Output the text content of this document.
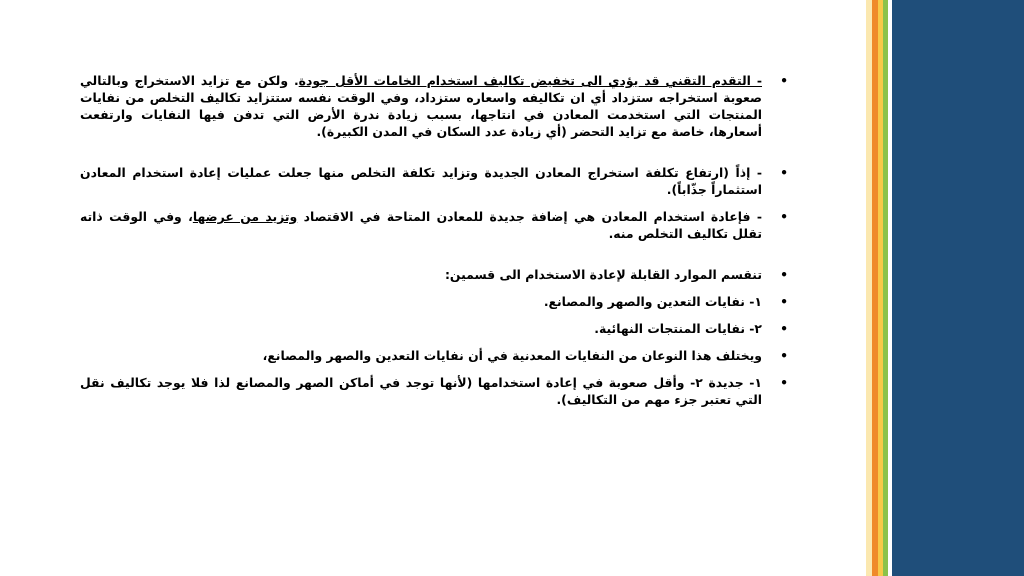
•
- التقدم التقني قد يؤدي الى تخفيض تكاليف استخدام الخامات الأقل جودة. ولكن مع تزايد الاستخراج وبالتالي صعوبة استخراجه ستزداد أي ان تكاليفه واسعاره ستزداد، وفي الوقت نفسه ستتزايد تكاليف التخلص من نفايات المنتجات التي استخدمت المعادن في انتاجها، بسبب زيادة ندرة الأرض التي تدفن فيها النفايات وارتفعت أسعارها، خاصة مع تزايد التحضر (أي زيادة عدد السكان في المدن الكبيرة).
•
- إذاً (ارتفاع تكلفة استخراج المعادن الجديدة وتزايد تكلفة التخلص منها جعلت عمليات إعادة استخدام المعادن استثماراً جذّاباً).
•
- فإعادة استخدام المعادن هي إضافة جديدة للمعادن المتاحة في الاقتصاد وتزيد من عرضها، وفي الوقت ذاته تقلل تكاليف التخلص منه.
•
تنقسم الموارد القابلة لإعادة الاستخدام الى قسمين:
•
١- نفايات التعدين والصهر والمصانع.
•
٢- نفايات المنتجات النهائية.
•
ويختلف هذا النوعان من النفايات المعدنية في أن نفايات التعدين والصهر والمصانع،
•
١- جديدة ٢- وأقل صعوبة في إعادة استخدامها (لأنها توجد في أماكن الصهر والمصانع لذا فلا يوجد تكاليف نقل التي تعتبر جزء مهم من التكاليف).
